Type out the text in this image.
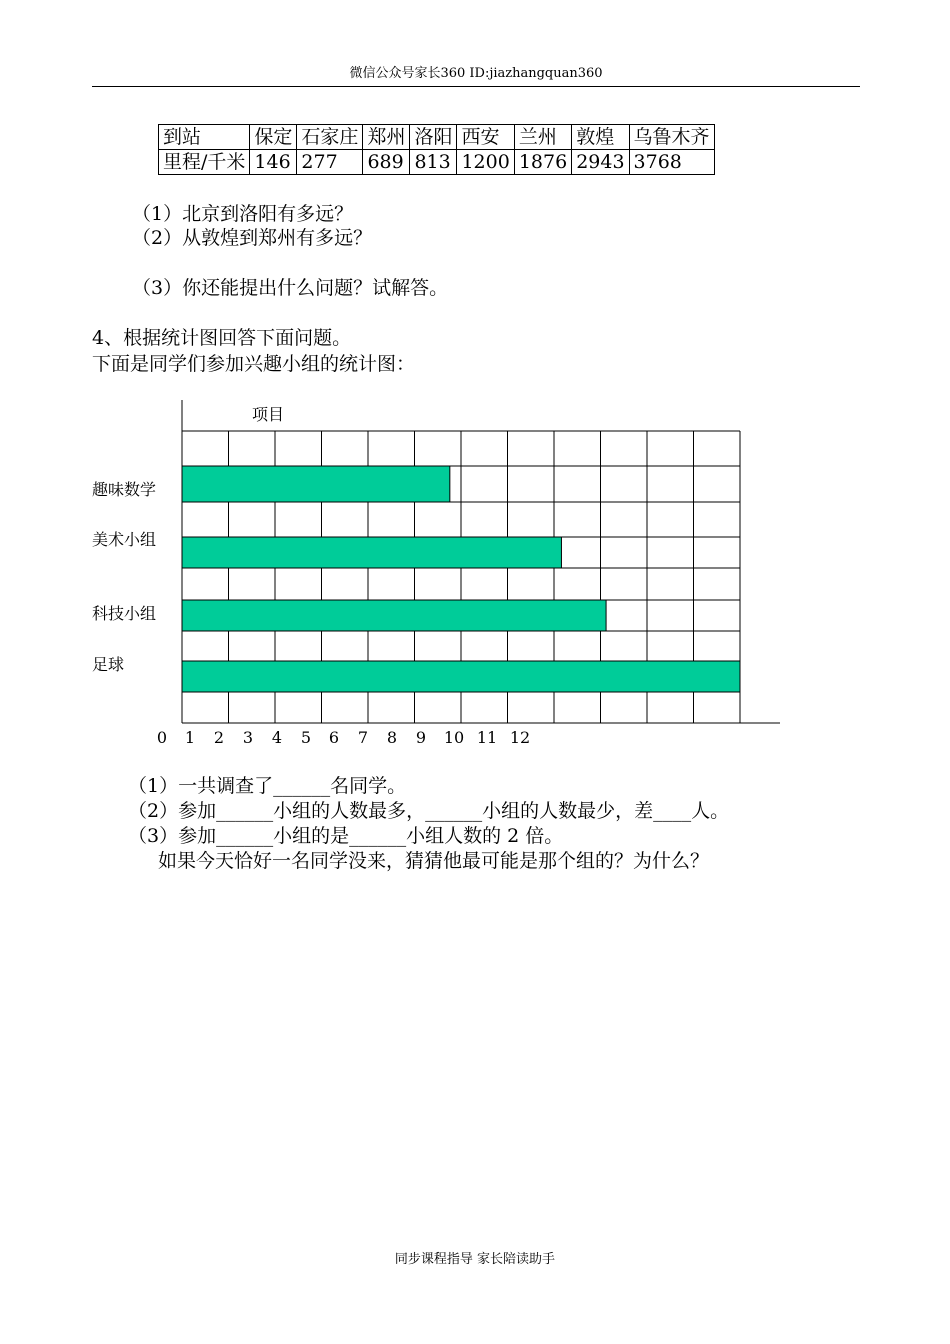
微信公众号家长360 ID:jiazhangquan360
到站	保定	石家庄	郑州	洛阳	西安	兰州	敦煌	乌鲁木齐
里程/千米	146	277	689	813	1200	1876	2943	3768
（1）北京到洛阳有多远？
（2）从敦煌到郑州有多远？
（3）你还能提出什么问题？试解答。
4、根据统计图回答下面问题。
下面是同学们参加兴趣小组的统计图：
项目
趣味数学
美术小组
科技小组
足球
0	1	2	3	4	5	6	7	8	9	10 11 12
（1）一共调查了______名同学。
（2）参加______小组的人数最多，______小组的人数最少，差____人。
（3）参加______小组的是______小组人数的 2 倍。
如果今天恰好一名同学没来，猜猜他最可能是那个组的？为什么？
同步课程指导 家长陪读助手
